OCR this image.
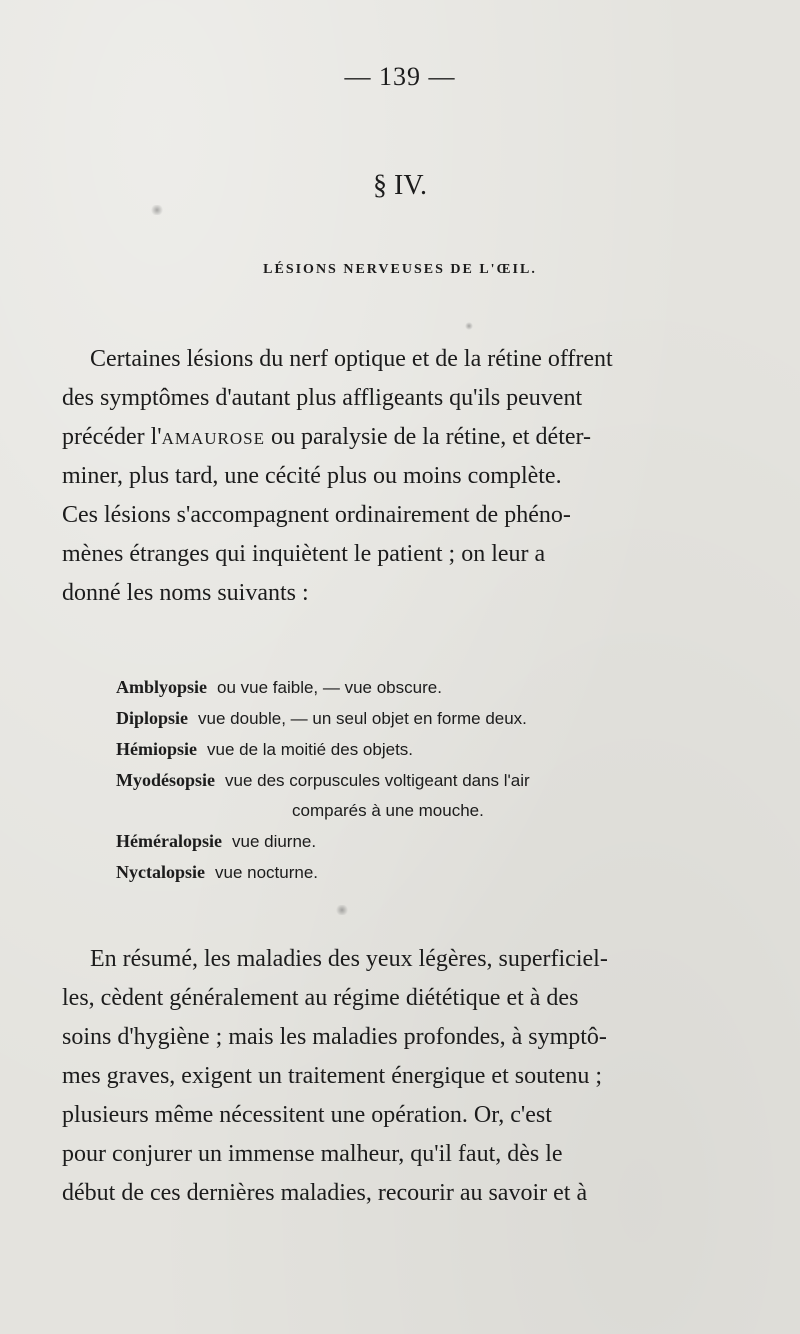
— 139 —
§ IV.
LÉSIONS NERVEUSES DE L'ŒIL.
Certaines lésions du nerf optique et de la rétine offrent
des symptômes d'autant plus affligeants qu'ils peuvent
précéder l'amaurose ou paralysie de la rétine, et déter-
miner, plus tard, une cécité plus ou moins complète.
Ces lésions s'accompagnent ordinairement de phéno-
mènes étranges qui inquiètent le patient ; on leur a
donné les noms suivants :
Amblyopsie ou vue faible, — vue obscure.
Diplopsie vue double, — un seul objet en forme deux.
Hémiopsie vue de la moitié des objets.
Myodésopsie vue des corpuscules voltigeant dans l'air
comparés à une mouche.
Héméralopsie vue diurne.
Nyctalopsie vue nocturne.
En résumé, les maladies des yeux légères, superficiel-
les, cèdent généralement au régime diététique et à des
soins d'hygiène ; mais les maladies profondes, à symptô-
mes graves, exigent un traitement énergique et soutenu ;
plusieurs même nécessitent une opération. Or, c'est
pour conjurer un immense malheur, qu'il faut, dès le
début de ces dernières maladies, recourir au savoir et à
